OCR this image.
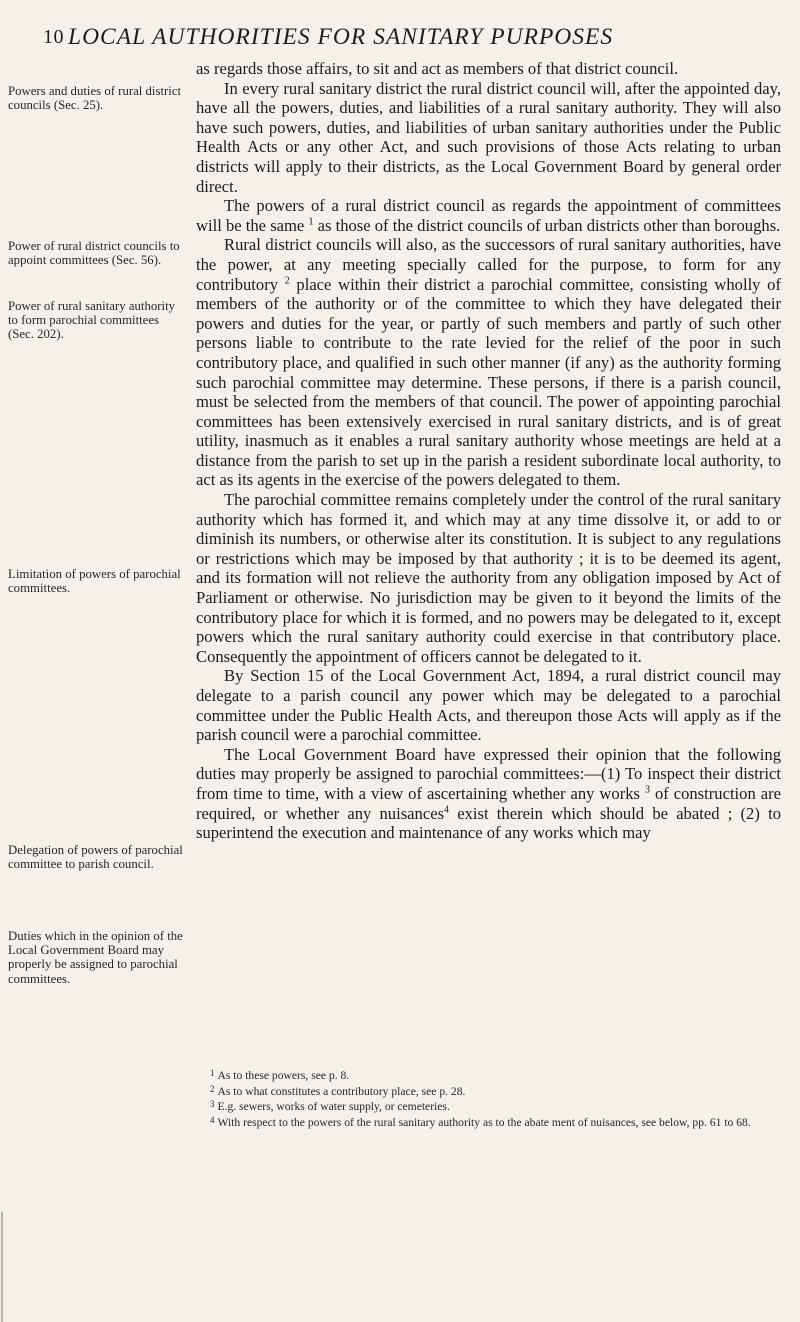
10 LOCAL AUTHORITIES FOR SANITARY PURPOSES
Powers and duties of rural district councils (Sec. 25).
Power of rural district councils to appoint committees (Sec. 56).
Power of rural sanitary authority to form parochial committees (Sec. 202).
Limitation of powers of parochial committees.
Delegation of powers of parochial committee to parish council.
Duties which in the opinion of the Local Government Board may properly be assigned to parochial committees.

as regards those affairs, to sit and act as members of that district council.

In every rural sanitary district the rural district council will, after the appointed day, have all the powers, duties, and liabilities of a rural sanitary authority. They will also have such powers, duties, and liabilities of urban sanitary authorities under the Public Health Acts or any other Act, and such provisions of those Acts relating to urban districts will apply to their districts, as the Local Government Board by general order direct.

The powers of a rural district council as regards the appointment of committees will be the same $^1$ as those of the district councils of urban districts other than boroughs.

Rural district councils will also, as the successors of rural sanitary authorities, have the power, at any meeting specially called for the purpose, to form for any contributory $^2$ place within their district a parochial committee, consisting wholly of members of the authority or of the committee to which they have delegated their powers and duties for the year, or partly of such members and partly of such other persons liable to contribute to the rate levied for the relief of the poor in such contributory place, and qualified in such other manner (if any) as the authority forming such parochial committee may determine. These persons, if there is a parish council, must be selected from the members of that council. The power of appointing parochial committees has been extensively exercised in rural sanitary districts, and is of great utility, inasmuch as it enables a rural sanitary authority whose meetings are held at a distance from the parish to set up in the parish a resident subordinate local authority, to act as its agents in the exercise of the powers delegated to them.

The parochial committee remains completely under the control of the rural sanitary authority which has formed it, and which may at any time dissolve it, or add to or diminish its numbers, or otherwise alter its constitution. It is subject to any regulations or restrictions which may be imposed by that authority ; it is to be deemed its agent, and its formation will not relieve the authority from any obligation imposed by Act of Parliament or otherwise. No jurisdiction may be given to it beyond the limits of the contributory place for which it is formed, and no powers may be delegated to it, except powers which the rural sanitary authority could exercise in that contributory place. Consequently the appointment of officers cannot be delegated to it.

By Section 15 of the Local Government Act, 1894, a rural district council may delegate to a parish council any power which may be delegated to a parochial committee under the Public Health Acts, and thereupon those Acts will apply as if the parish council were a parochial committee.

The Local Government Board have expressed their opinion that the following duties may properly be assigned to parochial committees:—(1) To inspect their district from time to time, with a view of ascertaining whether any works $^3$ of construction are required, or whether any nuisances$^4$ exist therein which should be abated ; (2) to superintend the execution and maintenance of any works which may

$^1$ As to these powers, see p. 8.
$^2$ As to what constitutes a contributory place, see p. 28.
$^3$ E.g. sewers, works of water supply, or cemeteries.
$^4$ With respect to the powers of the rural sanitary authority as to the abate ment of nuisances, see below, pp. 61 to 68.
